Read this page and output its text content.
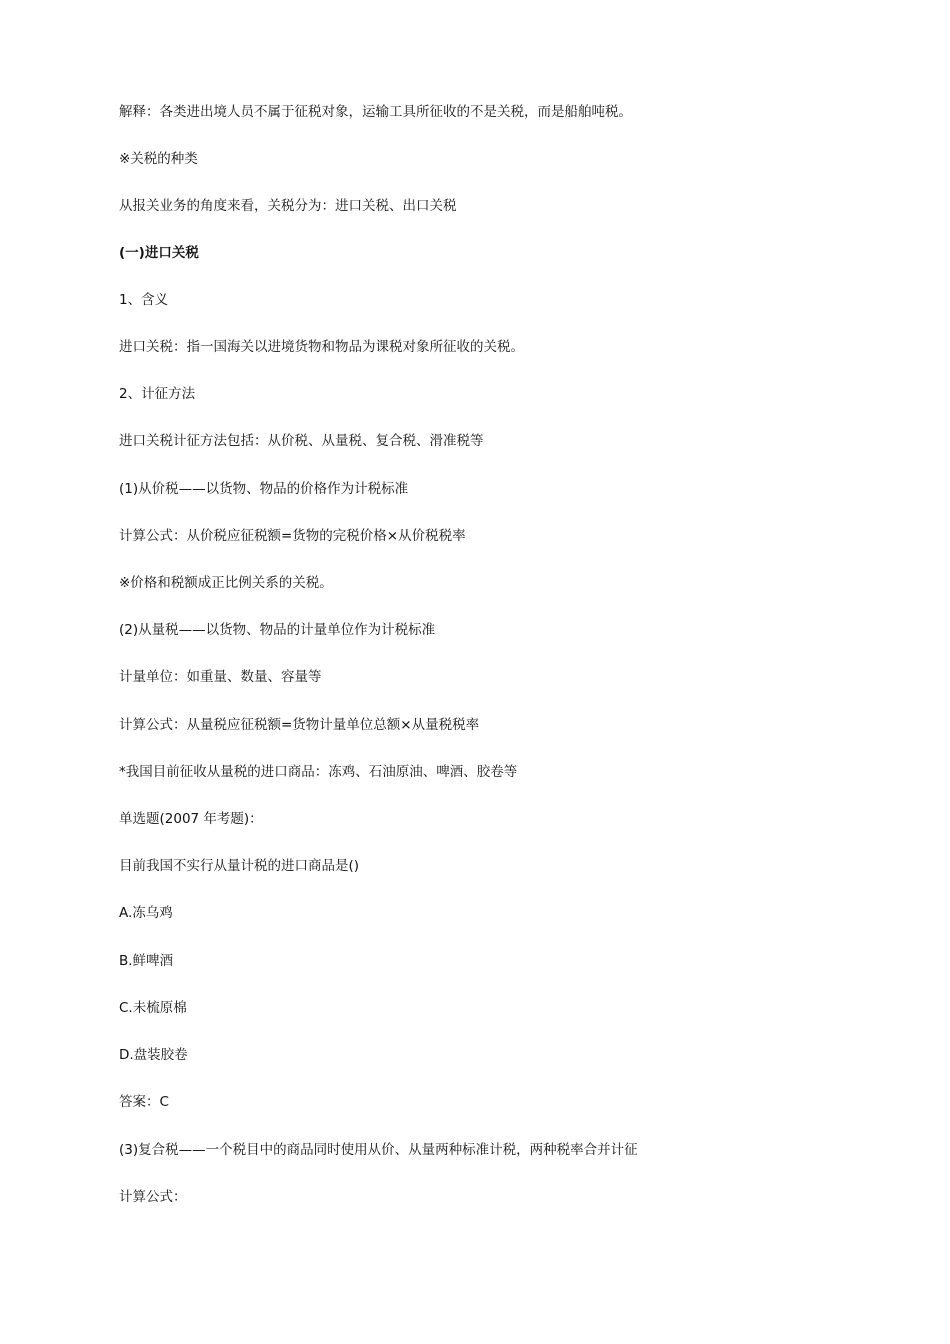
解释：各类进出境人员不属于征税对象，运输工具所征收的不是关税，而是船舶吨税。

※关税的种类

从报关业务的角度来看，关税分为：进口关税、出口关税

(一)进口关税

1、含义

进口关税：指一国海关以进境货物和物品为课税对象所征收的关税。

2、计征方法

进口关税计征方法包括：从价税、从量税、复合税、滑准税等

(1)从价税——以货物、物品的价格作为计税标准

计算公式：从价税应征税额=货物的完税价格×从价税税率

※价格和税额成正比例关系的关税。

(2)从量税——以货物、物品的计量单位作为计税标准

计量单位：如重量、数量、容量等

计算公式：从量税应征税额=货物计量单位总额×从量税税率

*我国目前征收从量税的进口商品：冻鸡、石油原油、啤酒、胶卷等

单选题(2007 年考题)：

目前我国不实行从量计税的进口商品是()

A.冻乌鸡

B.鲜啤酒

C.未梳原棉

D.盘装胶卷

答案：C

(3)复合税——一个税目中的商品同时使用从价、从量两种标准计税，两种税率合并计征

计算公式：
